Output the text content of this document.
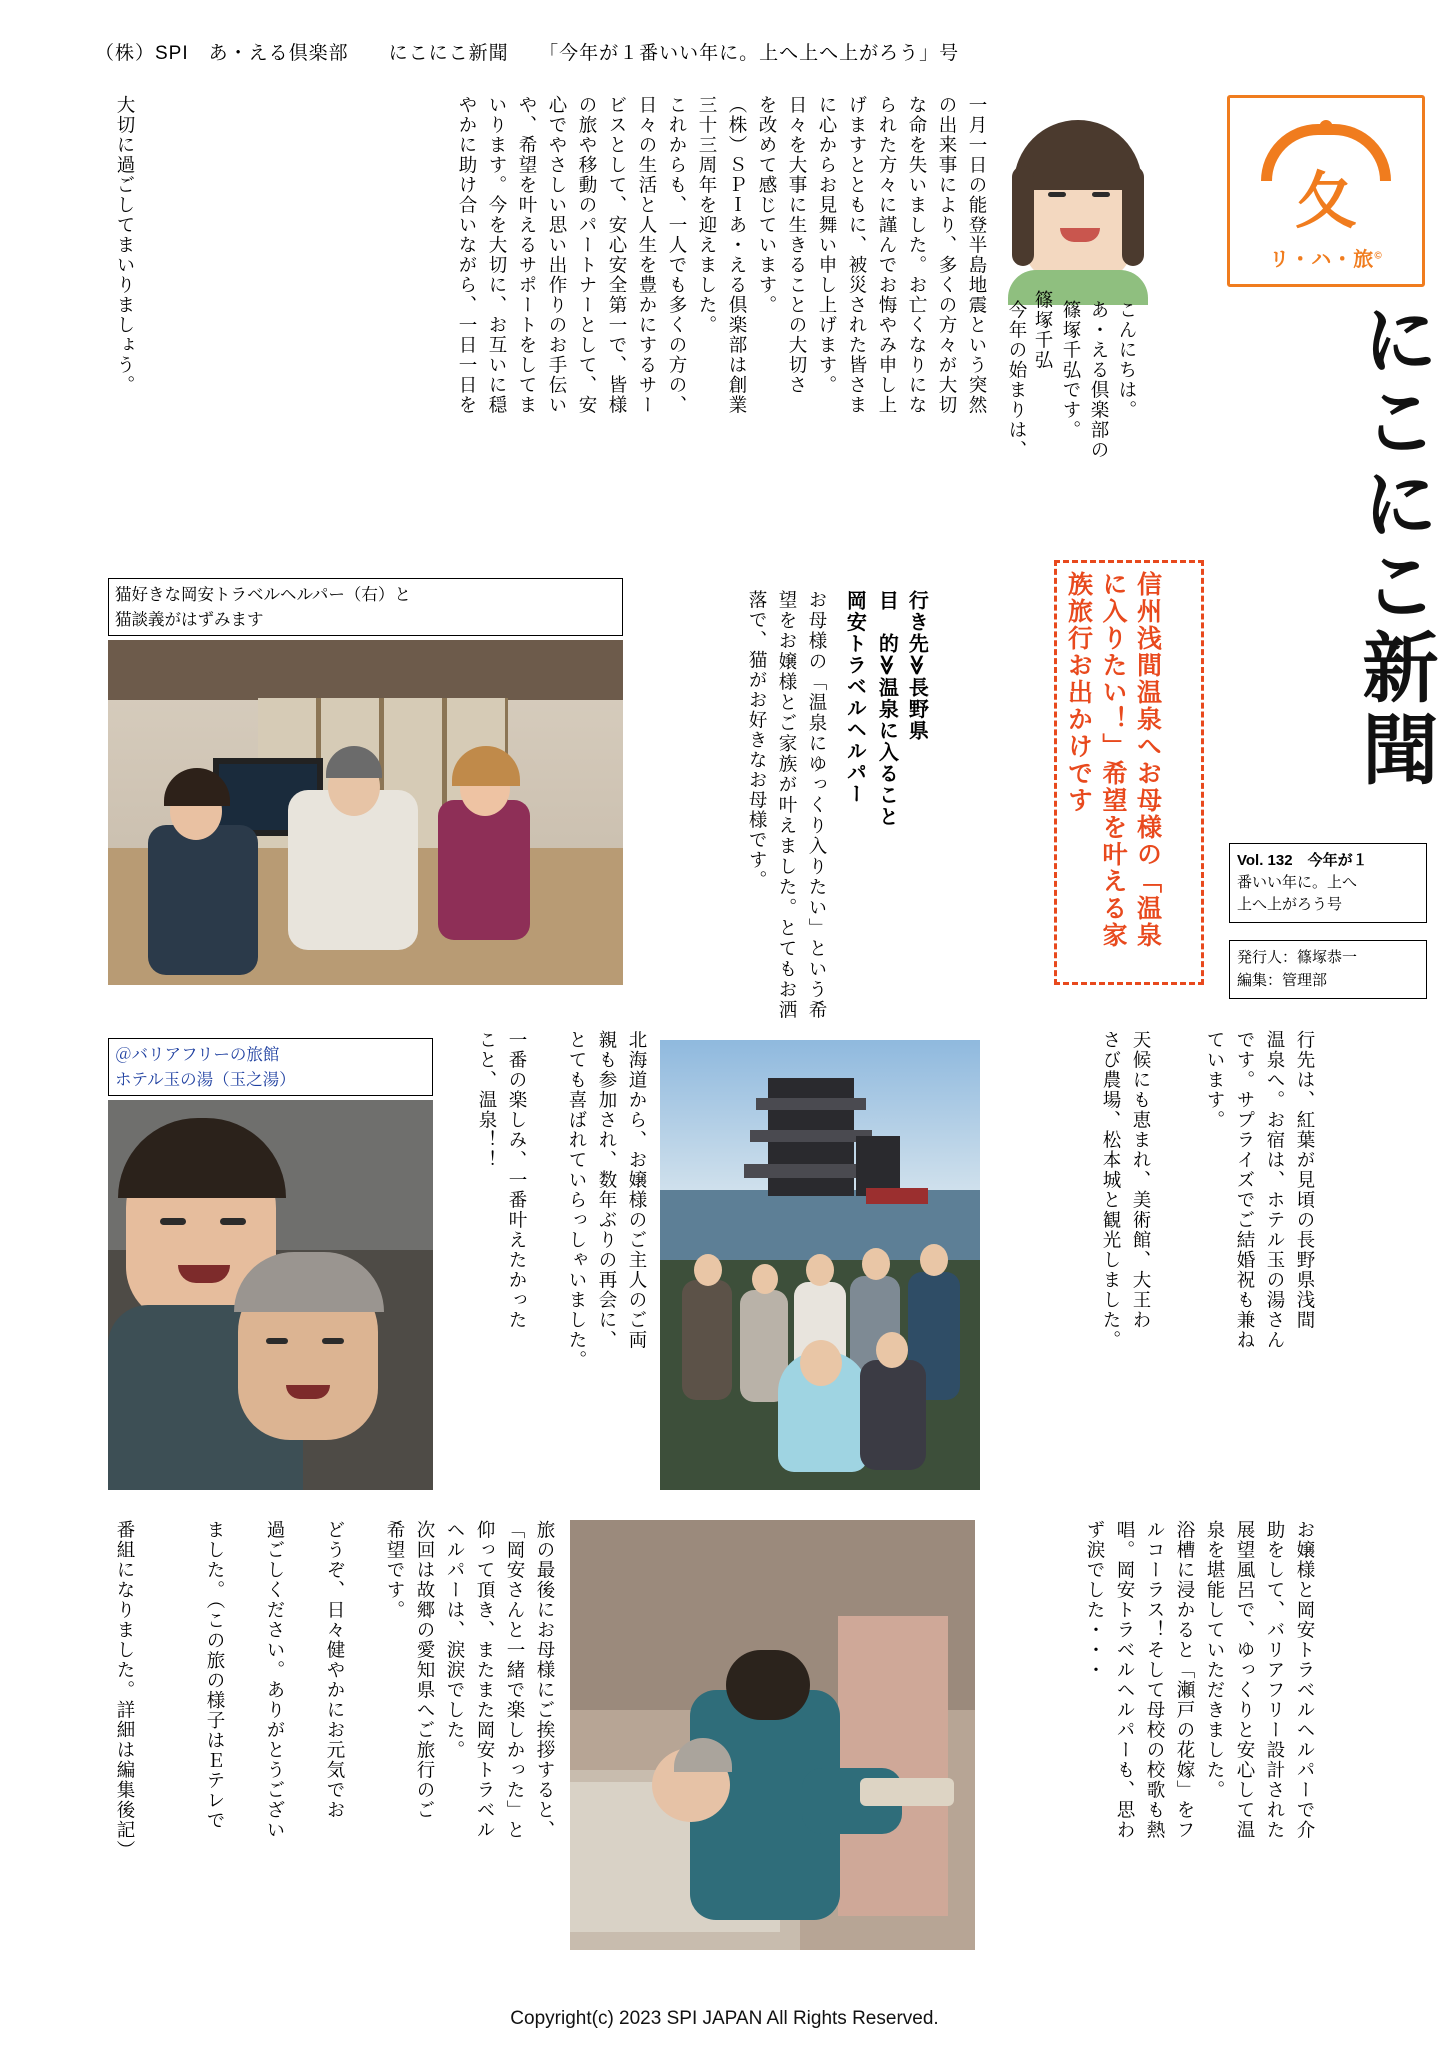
（株）SPI　あ・える倶楽部　　にこにこ新聞　　「今年が１番いい年に。上へ上へ上がろう」号
夂
リ・ハ・旅©
にこにこ新聞
Vol. 132　今年が１
番いい年に。上へ
上へ上がろう号
発行人：篠塚恭一
編集：管理部
こんにちは。
あ・える倶楽部の
篠塚千弘です。
今年の始まりは、 篠塚千弘
一月一日の能登半島地震という突然
の出来事により、多くの方々が大切
な命を失いました。お亡くなりにな
られた方々に謹んでお悔やみ申し上
げますとともに、被災された皆さま
に心からお見舞い申し上げます。
日々を大事に生きることの大切さ
を改めて感じています。
（株）ＳＰＩあ・える倶楽部は創業
三十三周年を迎えました。
これからも、一人でも多くの方の、
日々の生活と人生を豊かにするサー
ビスとして、安心安全第一で、皆様
の旅や移動のパートナーとして、安
心でやさしい思い出作りのお手伝い
や、希望を叶えるサポートをしてま
いります。今を大切に、お互いに穏
やかに助け合いながら、一日一日を
大切に過ごしてまいりましょう。
信州浅間温泉へお母様の「温泉に入りたい！」希望を叶える家族旅行お出かけです
行き先≫長野県
目　的≫温泉に入ること
岡安トラベルヘルパー
お母様の「温泉にゆっくり入りたい」という希望をお嬢様とご家族が叶えました。とてもお洒落で、猫がお好きなお母様です。
猫好きな岡安トラベルヘルパー（右）と
猫談義がはずみます
＠バリアフリーの旅館
ホテル玉の湯（玉之湯）	行先は、紅葉が見頃の長野県浅間
温泉へ。お宿は、ホテル玉の湯さん
です。サプライズでご結婚祝も兼ね
ています。
天候にも恵まれ、美術館、大王わ
さび農場、松本城と観光しました。
北海道から、お嬢様のご主人のご両
親も参加され、数年ぶりの再会に、
とても喜ばれていらっしゃいました。
一番の楽しみ、一番叶えたかった
こと、温泉！！
お嬢様と岡安トラベルヘルパーで介
助をして、バリアフリー設計された
展望風呂で、ゆっくりと安心して温
泉を堪能していただきました。
浴槽に浸かると「瀬戸の花嫁」をフ
ルコーラス！そして母校の校歌も熱
唱。岡安トラベルヘルパーも、思わ
ず涙でした・・・
旅の最後にお母様にご挨拶すると、
「岡安さんと一緒で楽しかった」と
仰って頂き、またまた岡安トラベル
ヘルパーは、涙涙でした。
次回は故郷の愛知県へご旅行のご
希望です。
どうぞ、日々健やかにお元気でお
過ごしください。ありがとうござい
ました。（この旅の様子はＥテレで
番組になりました。詳細は編集後記）
Copyright(c) 2023 SPI JAPAN All Rights Reserved.
